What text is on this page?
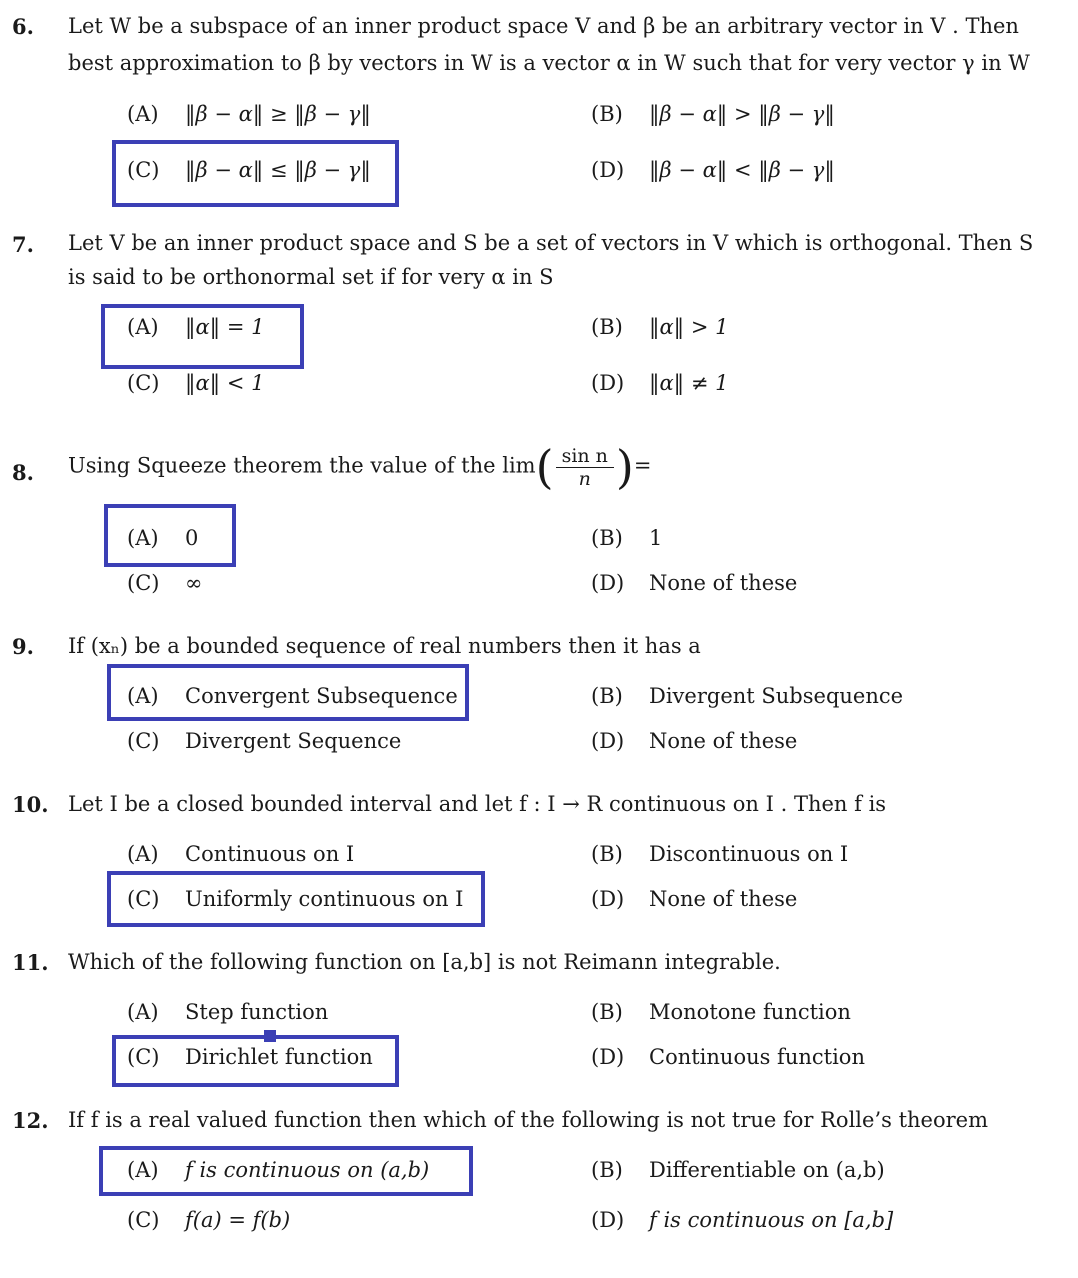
6. Let W be a subspace of an inner product space V and β be an arbitrary vector in V . Then
best approximation to β by vectors in W is a vector α in W such that for very vector γ in W
(A) ‖β − α‖ ≥ ‖β − γ‖	(B) ‖β − α‖ > ‖β − γ‖
(C) ‖β − α‖ ≤ ‖β − γ‖	(D) ‖β − α‖ < ‖β − γ‖
7. Let V be an inner product space and S be a set of vectors in V which is orthogonal. Then S
is said to be orthonormal set if for very α in S
(A) ‖α‖ = 1	(B) ‖α‖ > 1
(C) ‖α‖ < 1	(D) ‖α‖ ≠ 1
8. Using Squeeze theorem the value of the $\lim( \frac{\text{sin n}}{n}$ )=
(A) 0	(B) 1
(C) ∞	(D) None of these
9. If (xₙ) be a bounded sequence of real numbers then it has a
(A) Convergent Subsequence	(B) Divergent Subsequence
(C) Divergent Sequence	(D) None of these
10. Let I be a closed bounded interval and let f : I → R continuous on I . Then f is
(A) Continuous on I	(B) Discontinuous on I
(C) Uniformly continuous on I	(D) None of these
11. Which of the following function on [a,b] is not Reimann integrable.
(A) Step function	(B) Monotone function
(C) Dirichlet function	(D) Continuous function
12. If f is a real valued function then which of the following is not true for Rolle’s theorem
(A) f is continuous on (a,b)	(B) Differentiable on (a,b)
(C) f(a) = f(b)	(D) f is continuous on [a,b]
